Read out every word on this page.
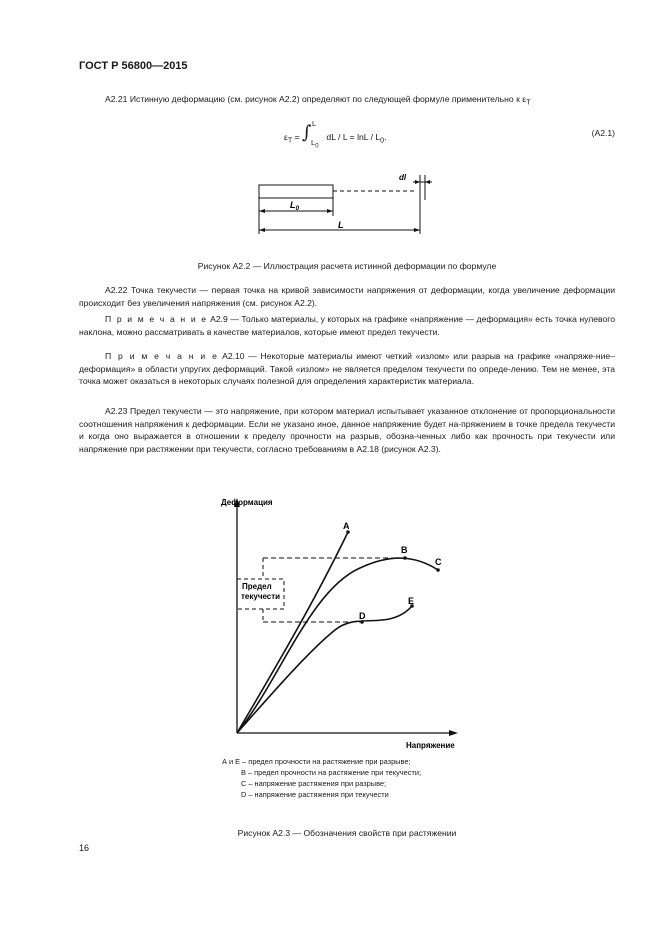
ГОСТ Р 56800—2015
А2.21 Истинную деформацию (см. рисунок А2.2) определяют по следующей формуле применительно к $\varepsilon_T$
$\varepsilon_T$ = ∫ L
$L_0$
dL / $L = \ln L / L_0$.	(А2.1)
dl
$L_0$
L
Рисунок А2.2 — Иллюстрация расчета истинной деформации по формуле
А2.22 Точка текучести — первая точка на кривой зависимости напряжения от деформации, когда увеличение деформации происходит без увеличения напряжения (см. рисунок А2.2).
П р и м е ч а н и е А2.9 — Только материалы, у которых на графике «напряжение — деформация» есть точка нулевого наклона, можно рассматривать в качестве материалов, которые имеют предел текучести.
П р и м е ч а н и е А2.10 — Некоторые материалы имеют четкий «излом» или разрыв на графике «напряже-ние–деформация» в области упругих деформаций. Такой «излом» не является пределом текучести по опреде-лению. Тем не менее, эта точка может оказаться в некоторых случаях полезной для определения характеристик материала.
А2.23 Предел текучести — это напряжение, при котором материал испытывает указанное отклонение от пропорциональности соотношения напряжения к деформации. Если не указано иное, данное напряжение будет на-пряжением в точке предела текучести и когда оно выражается в отношении к пределу прочности на разрыв, обозна-ченных либо как прочность при текучести или напряжение при растяжении при текучести, согласно требованиям в А2.18 (рисунок А2.3).
Деформация
Напряжение
Предел
текучести
A
B
C
D
E
А и Е – предел прочности на растяжение при разрыве;
B – предел прочности на растяжение при текучести;
C – напряжение растяжения при разрыве;
D – напряжение растяжения при текучести
Рисунок А2.3 — Обозначения свойств при растяжении
16
